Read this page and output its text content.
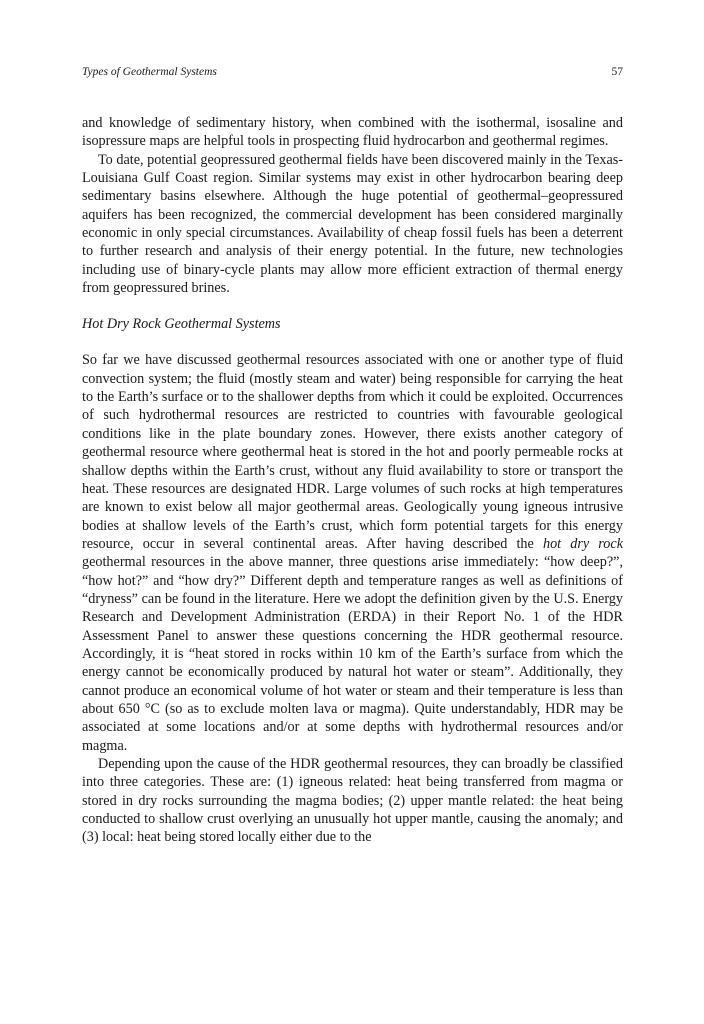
Types of Geothermal Systems	57

and knowledge of sedimentary history, when combined with the isothermal, isosaline and isopressure maps are helpful tools in prospecting fluid hydrocarbon and geothermal regimes.

To date, potential geopressured geothermal fields have been discovered mainly in the Texas-Louisiana Gulf Coast region. Similar systems may exist in other hydrocarbon bearing deep sedimentary basins elsewhere. Although the huge potential of geothermal–geopressured aquifers has been recognized, the commercial development has been considered marginally economic in only special circumstances. Availability of cheap fossil fuels has been a deterrent to further research and analysis of their energy potential. In the future, new technologies including use of binary-cycle plants may allow more efficient extraction of thermal energy from geopressured brines.

Hot Dry Rock Geothermal Systems

So far we have discussed geothermal resources associated with one or another type of fluid convection system; the fluid (mostly steam and water) being responsible for carrying the heat to the Earth’s surface or to the shallower depths from which it could be exploited. Occurrences of such hydrothermal resources are restricted to countries with favourable geological conditions like in the plate boundary zones. However, there exists another category of geothermal resource where geothermal heat is stored in the hot and poorly permeable rocks at shallow depths within the Earth’s crust, without any fluid availability to store or transport the heat. These resources are designated HDR. Large volumes of such rocks at high temperatures are known to exist below all major geothermal areas. Geologically young igneous intrusive bodies at shallow levels of the Earth’s crust, which form potential targets for this energy resource, occur in several continental areas. After having described the hot dry rock geothermal resources in the above manner, three questions arise immediately: “how deep?”, “how hot?” and “how dry?” Different depth and temperature ranges as well as definitions of “dryness” can be found in the literature. Here we adopt the definition given by the U.S. Energy Research and Development Administration (ERDA) in their Report No. 1 of the HDR Assessment Panel to answer these questions concerning the HDR geothermal resource. Accordingly, it is “heat stored in rocks within 10 km of the Earth’s surface from which the energy cannot be economically produced by natural hot water or steam”. Additionally, they cannot produce an economical volume of hot water or steam and their temperature is less than about 650 °C (so as to exclude molten lava or magma). Quite understandably, HDR may be associated at some locations and/or at some depths with hydrothermal resources and/or magma.

Depending upon the cause of the HDR geothermal resources, they can broadly be classified into three categories. These are: (1) igneous related: heat being transferred from magma or stored in dry rocks surrounding the magma bodies; (2) upper mantle related: the heat being conducted to shallow crust overlying an unusually hot upper mantle, causing the anomaly; and (3) local: heat being stored locally either due to the
